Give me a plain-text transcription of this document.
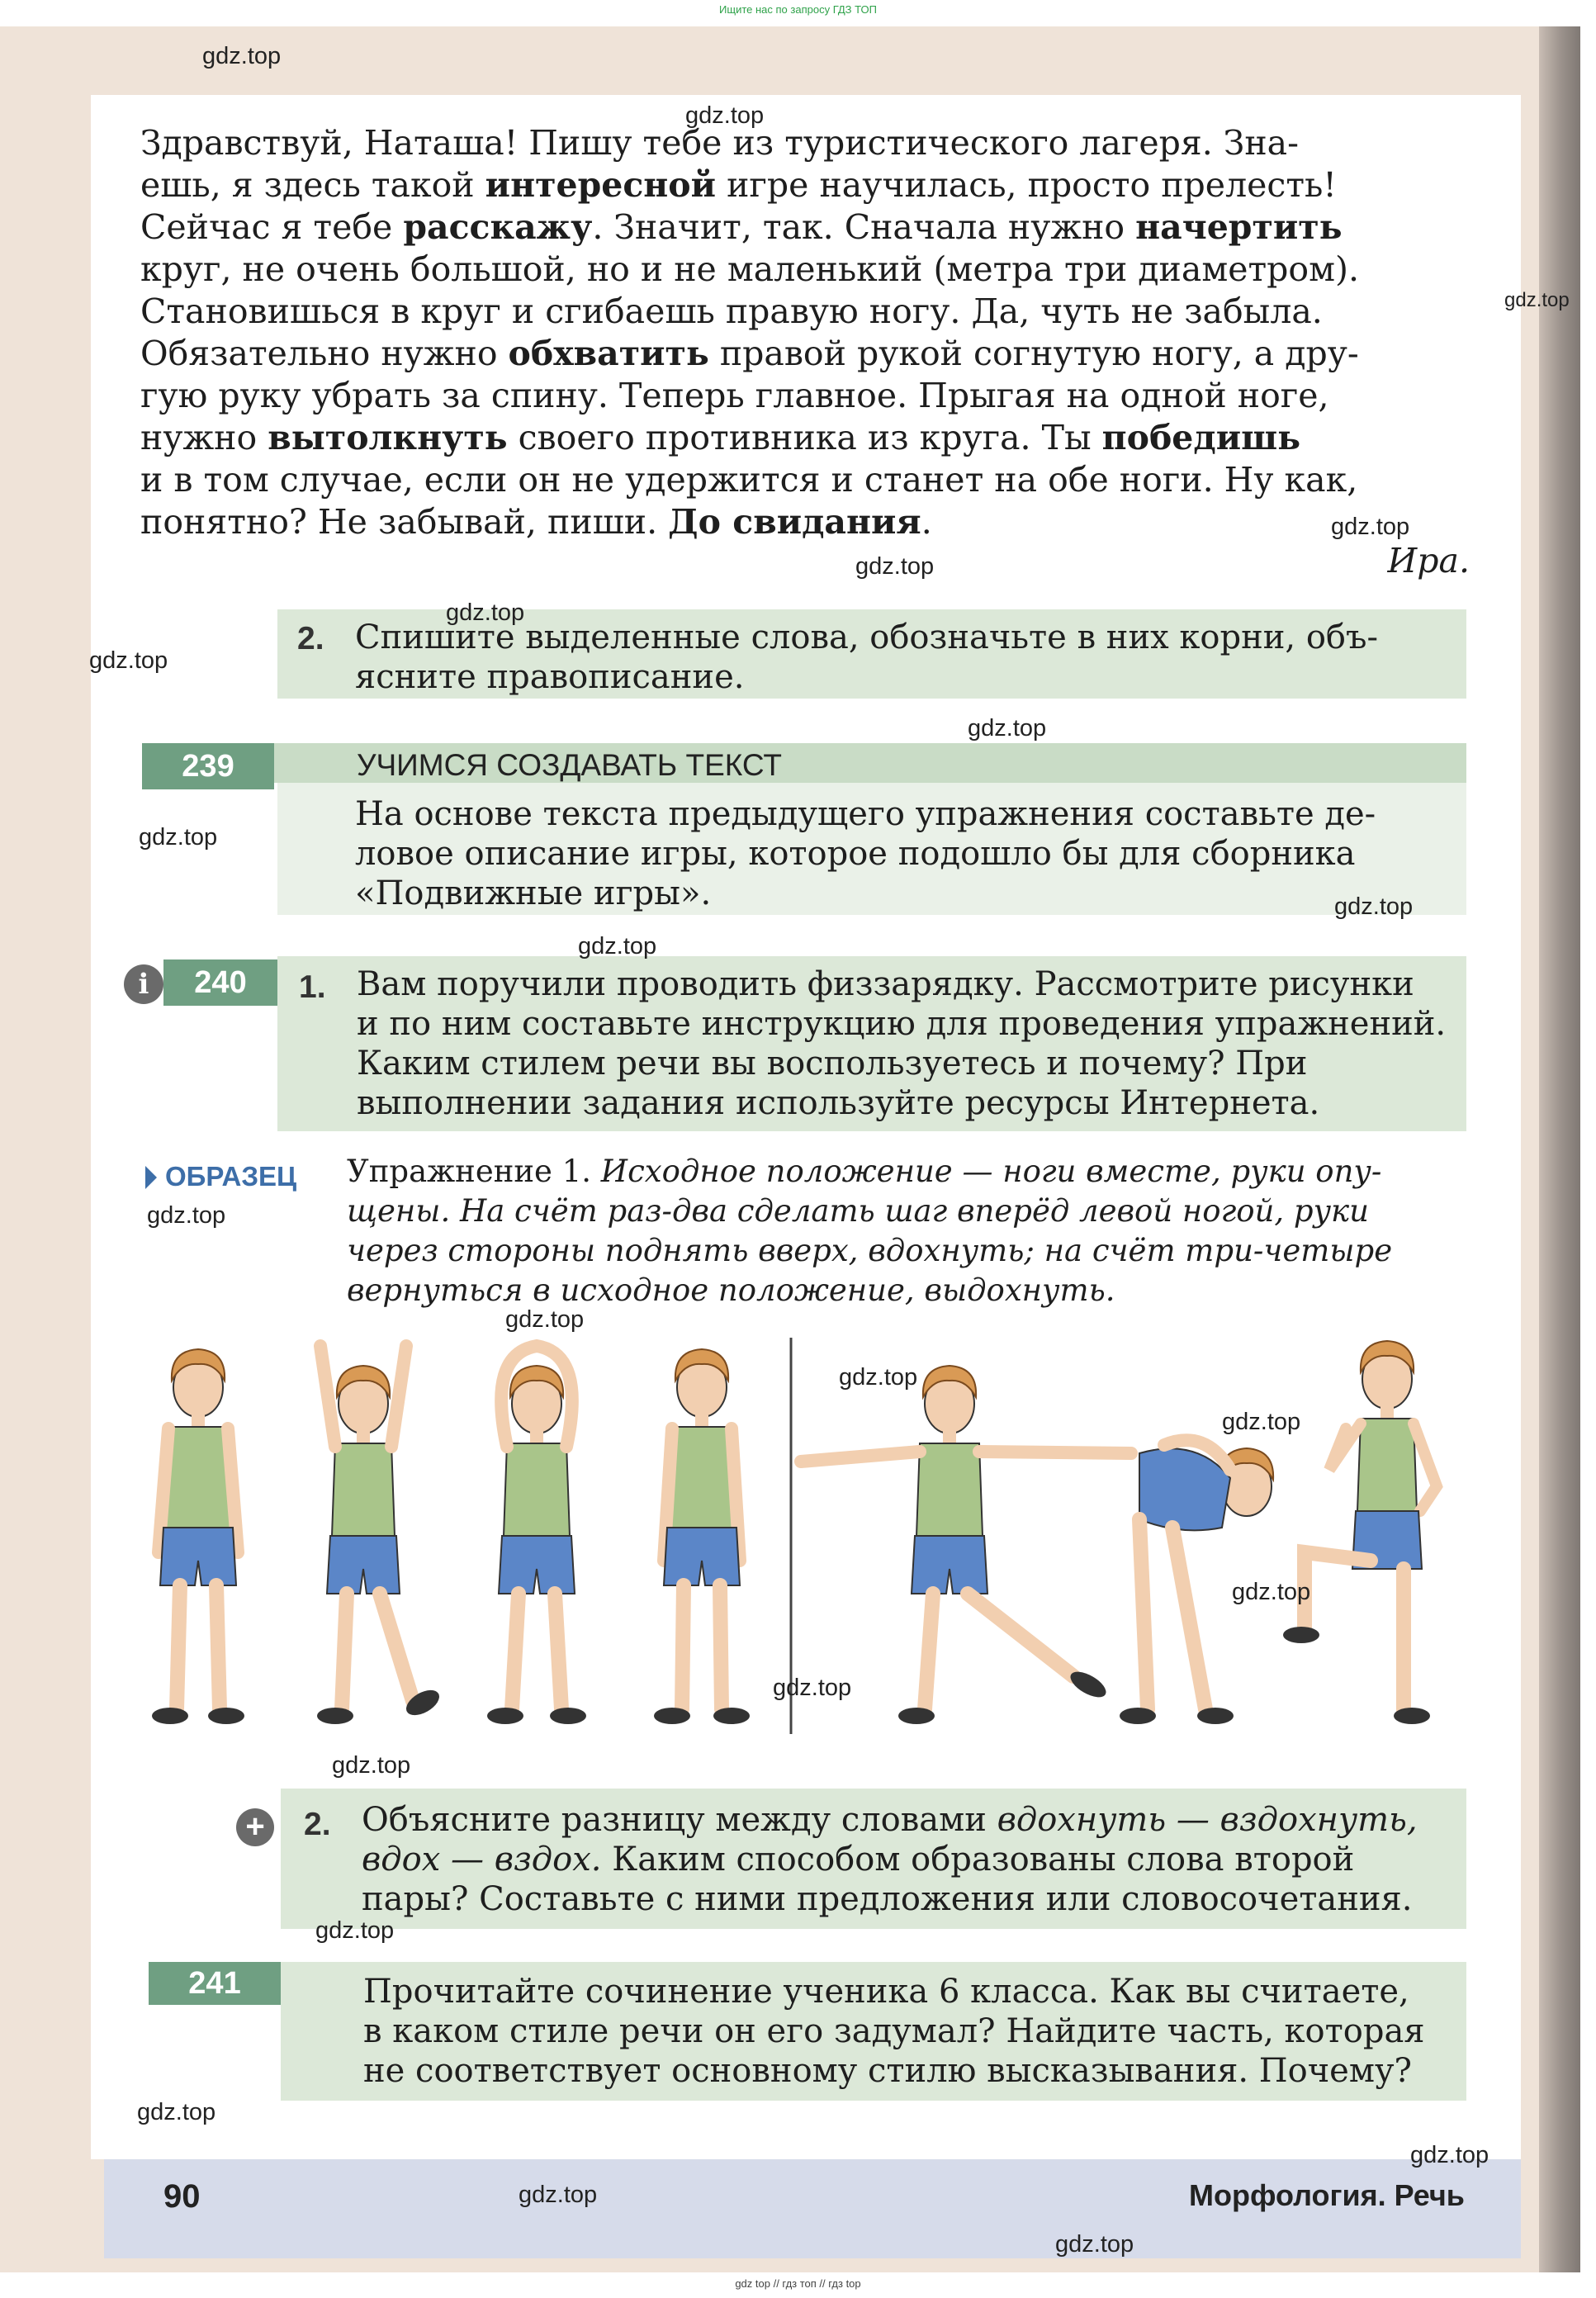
Ищите нас по запросу ГДЗ ТОП
Здравствуй, Наташа! Пишу тебе из туристического лагеря. Зна-
ешь, я здесь такой интересной игре научилась, просто прелесть!
Сейчас я тебе расскажу. Значит, так. Сначала нужно начертить
круг, не очень большой, но и не маленький (метра три диаметром).
Становишься в круг и сгибаешь правую ногу. Да, чуть не забыла.
Обязательно нужно обхватить правой рукой согнутую ногу, а дру-
гую руку убрать за спину. Теперь главное. Прыгая на одной ноге,
нужно вытолкнуть своего противника из круга. Ты победишь
и в том случае, если он не удержится и станет на обе ноги. Ну как,
понятно? Не забывай, пиши. До свидания.
Ира.
2. Спишите выделенные слова, обозначьте в них корни, объ-
ясните правописание.
239	УЧИМСЯ СОЗДАВАТЬ ТЕКСТ
На основе текста предыдущего упражнения составьте де-
ловое описание игры, которое подошло бы для сборника
«Подвижные игры».
i	240	1. Вам поручили проводить физзарядку. Рассмотрите рисунки
и по ним составьте инструкцию для проведения упражнений.
Каким стилем речи вы воспользуетесь и почему? При
выполнении задания используйте ресурсы Интернета.
ОБРАЗЕЦ Упражнение 1. Исходное положение — ноги вместе, руки опу-
щены. На счёт раз-два сделать шаг вперёд левой ногой, руки
через стороны поднять вверх, вдохнуть; на счёт три-четыре
вернуться в исходное положение, выдохнуть.
+ 2. Объясните разницу между словами вдохнуть — вздохнуть,
вдох — вздох. Каким способом образованы слова второй
пары? Составьте с ними предложения или словосочетания.
241	Прочитайте сочинение ученика 6 класса. Как вы считаете,
в каком стиле речи он его задумал? Найдите часть, которая
не соответствует основному стилю высказывания. Почему?
90	Морфология. Речь
gdz.top
gdz.top
gdz.top
gdz.top
gdz.top
gdz.top
gdz.top
gdz.top
gdz.top
gdz.top
gdz.top
gdz.top
gdz.top
gdz.top
gdz.top
gdz.top
gdz.top
gdz.top
gdz.top
gdz.top
gdz.top
gdz.top
gdz.top
gdz top // гдз топ // гдз top
